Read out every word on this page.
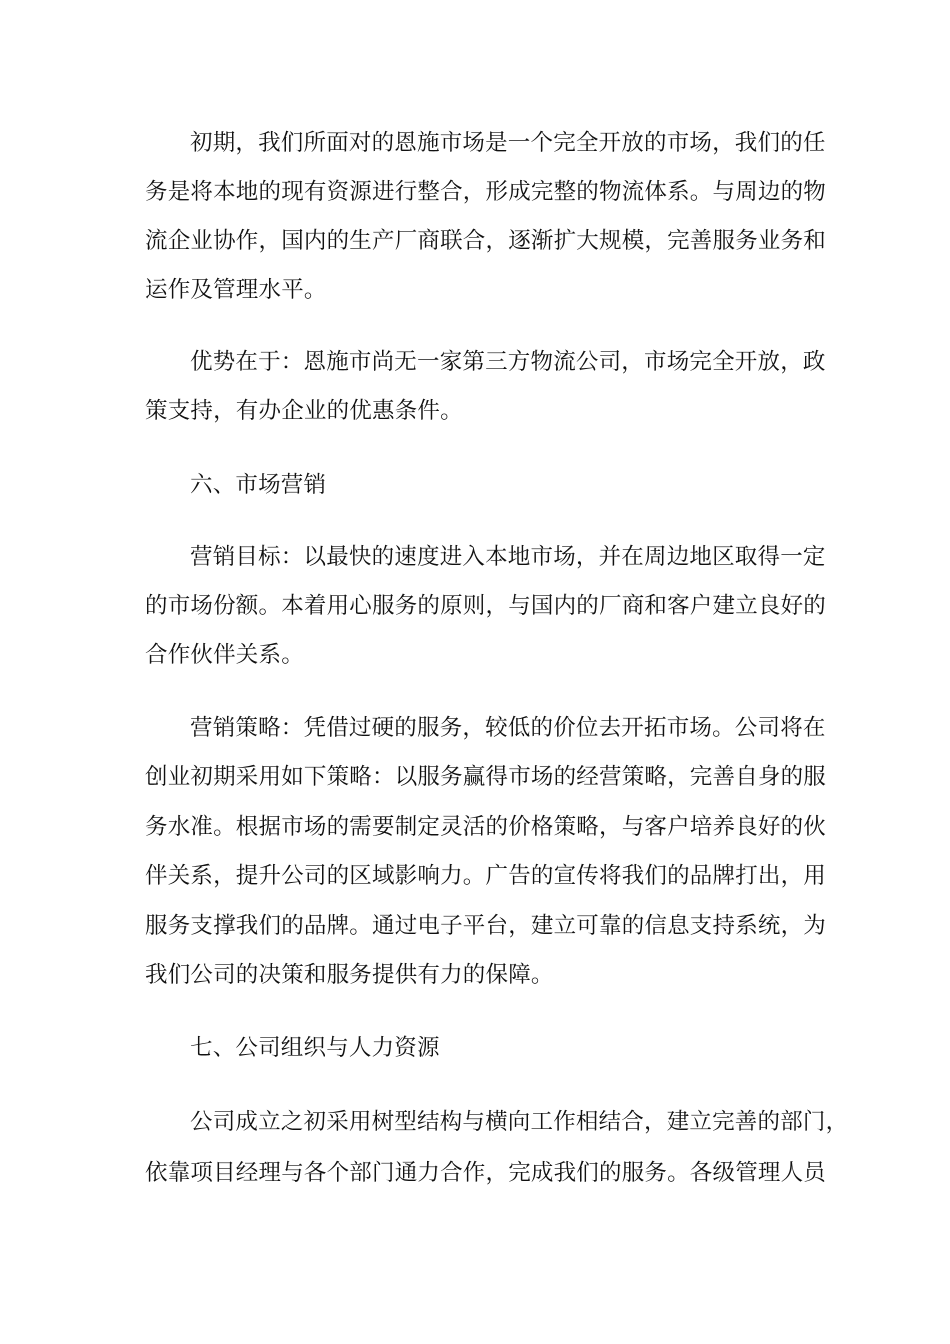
初期，我们所面对的恩施市场是一个完全开放的市场，我们的任
务是将本地的现有资源进行整合，形成完整的物流体系。与周边的物
流企业协作，国内的生产厂商联合，逐渐扩大规模，完善服务业务和
运作及管理水平。
优势在于：恩施市尚无一家第三方物流公司，市场完全开放，政
策支持，有办企业的优惠条件。
六、市场营销
营销目标：以最快的速度进入本地市场，并在周边地区取得一定
的市场份额。本着用心服务的原则，与国内的厂商和客户建立良好的
合作伙伴关系。
营销策略：凭借过硬的服务，较低的价位去开拓市场。公司将在
创业初期采用如下策略：以服务赢得市场的经营策略，完善自身的服
务水准。根据市场的需要制定灵活的价格策略，与客户培养良好的伙
伴关系，提升公司的区域影响力。广告的宣传将我们的品牌打出，用
服务支撑我们的品牌。通过电子平台，建立可靠的信息支持系统，为
我们公司的决策和服务提供有力的保障。
七、公司组织与人力资源
公司成立之初采用树型结构与横向工作相结合，建立完善的部门，
依靠项目经理与各个部门通力合作，完成我们的服务。各级管理人员
